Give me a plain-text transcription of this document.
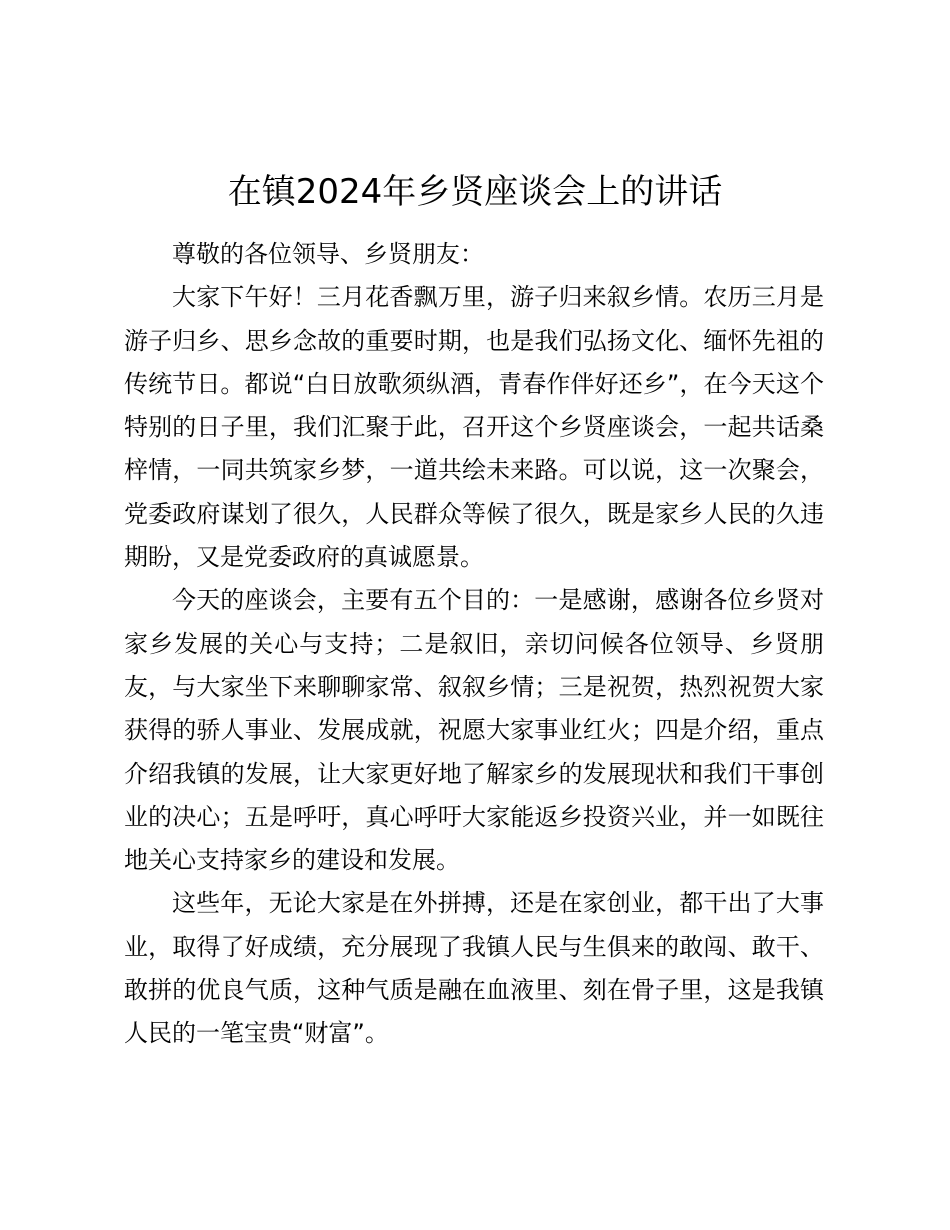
在镇2024年乡贤座谈会上的讲话

尊敬的各位领导、乡贤朋友：

大家下午好！三月花香飘万里，游子归来叙乡情。农历三月是游子归乡、思乡念故的重要时期，也是我们弘扬文化、缅怀先祖的传统节日。都说“白日放歌须纵酒，青春作伴好还乡”，在今天这个特别的日子里，我们汇聚于此，召开这个乡贤座谈会，一起共话桑梓情，一同共筑家乡梦，一道共绘未来路。可以说，这一次聚会，党委政府谋划了很久，人民群众等候了很久，既是家乡人民的久违期盼，又是党委政府的真诚愿景。

今天的座谈会，主要有五个目的：一是感谢，感谢各位乡贤对家乡发展的关心与支持；二是叙旧，亲切问候各位领导、乡贤朋友，与大家坐下来聊聊家常、叙叙乡情；三是祝贺，热烈祝贺大家获得的骄人事业、发展成就，祝愿大家事业红火；四是介绍，重点介绍我镇的发展，让大家更好地了解家乡的发展现状和我们干事创业的决心；五是呼吁，真心呼吁大家能返乡投资兴业，并一如既往地关心支持家乡的建设和发展。

这些年，无论大家是在外拼搏，还是在家创业，都干出了大事业，取得了好成绩，充分展现了我镇人民与生俱来的敢闯、敢干、敢拼的优良气质，这种气质是融在血液里、刻在骨子里，这是我镇人民的一笔宝贵“财富”。
